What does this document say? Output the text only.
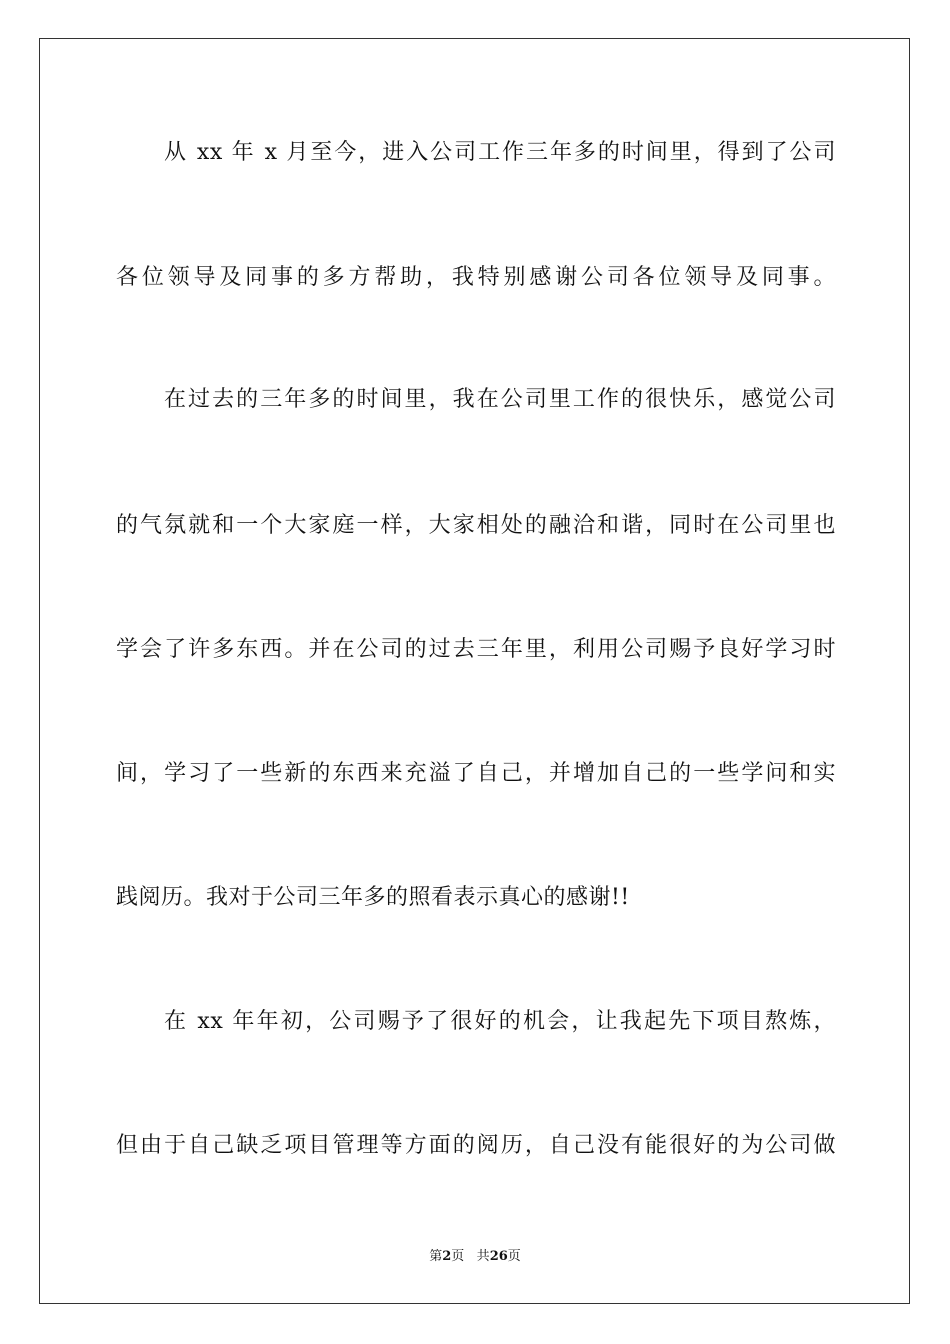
从 xx 年 x 月至今，进入公司工作三年多的时间里，得到了公司
各位领导及同事的多方帮助，我特别感谢公司各位领导及同事。
在过去的三年多的时间里，我在公司里工作的很快乐，感觉公司
的气氛就和一个大家庭一样，大家相处的融洽和谐，同时在公司里也
学会了许多东西。并在公司的过去三年里，利用公司赐予良好学习时
间，学习了一些新的东西来充溢了自己，并增加自己的一些学问和实
践阅历。我对于公司三年多的照看表示真心的感谢!!
在 xx 年年初，公司赐予了很好的机会，让我起先下项目熬炼，
但由于自己缺乏项目管理等方面的阅历，自己没有能很好的为公司做
第2页 共26页
